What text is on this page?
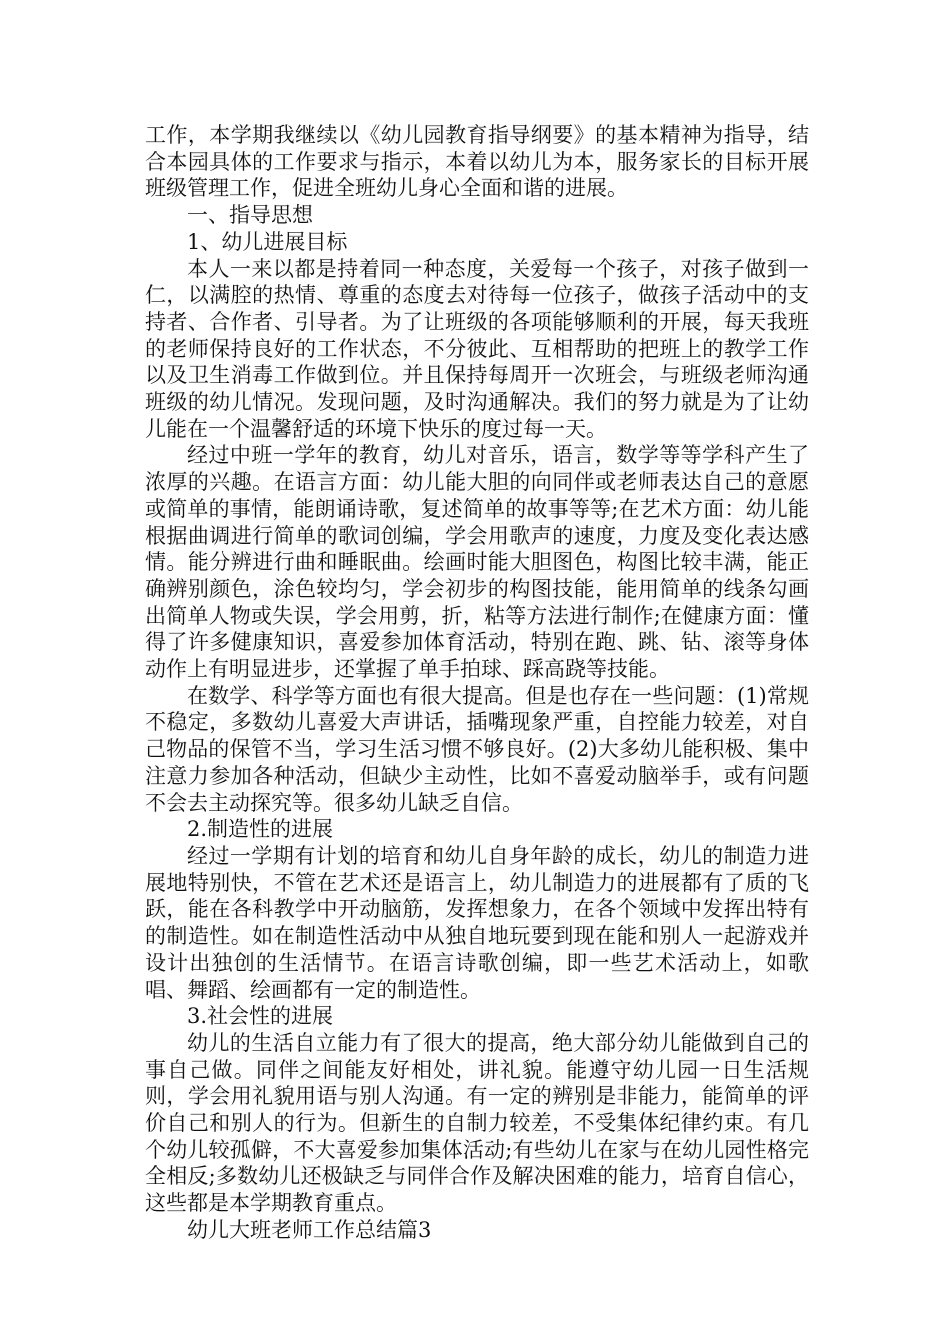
工作，本学期我继续以《幼儿园教育指导纲要》的基本精神为指导，结合本园具体的工作要求与指示，本着以幼儿为本，服务家长的目标开展班级管理工作，促进全班幼儿身心全面和谐的进展。

一、指导思想

1、幼儿进展目标

本人一来以都是持着同一种态度，关爱每一个孩子，对孩子做到一仁，以满腔的热情、尊重的态度去对待每一位孩子，做孩子活动中的支持者、合作者、引导者。为了让班级的各项能够顺利的开展，每天我班的老师保持良好的工作状态，不分彼此、互相帮助的把班上的教学工作以及卫生消毒工作做到位。并且保持每周开一次班会，与班级老师沟通班级的幼儿情况。发现问题，及时沟通解决。我们的努力就是为了让幼儿能在一个温馨舒适的环境下快乐的度过每一天。

经过中班一学年的教育，幼儿对音乐，语言，数学等等学科产生了浓厚的兴趣。在语言方面：幼儿能大胆的向同伴或老师表达自己的意愿或简单的事情，能朗诵诗歌，复述简单的故事等等;在艺术方面：幼儿能根据曲调进行简单的歌词创编，学会用歌声的速度，力度及变化表达感情。能分辨进行曲和睡眠曲。绘画时能大胆图色，构图比较丰满，能正确辨别颜色，涂色较均匀，学会初步的构图技能，能用简单的线条勾画出简单人物或失误，学会用剪，折，粘等方法进行制作;在健康方面：懂得了许多健康知识，喜爱参加体育活动，特别在跑、跳、钻、滚等身体动作上有明显进步，还掌握了单手拍球、踩高跷等技能。

在数学、科学等方面也有很大提高。但是也存在一些问题：(1)常规不稳定，多数幼儿喜爱大声讲话，插嘴现象严重，自控能力较差，对自己物品的保管不当，学习生活习惯不够良好。(2)大多幼儿能积极、集中注意力参加各种活动，但缺少主动性，比如不喜爱动脑举手，或有问题不会去主动探究等。很多幼儿缺乏自信。

2.制造性的进展

经过一学期有计划的培育和幼儿自身年龄的成长，幼儿的制造力进展地特别快，不管在艺术还是语言上，幼儿制造力的进展都有了质的飞跃，能在各科教学中开动脑筋，发挥想象力，在各个领域中发挥出特有的制造性。如在制造性活动中从独自地玩要到现在能和别人一起游戏并设计出独创的生活情节。在语言诗歌创编，即一些艺术活动上，如歌唱、舞蹈、绘画都有一定的制造性。

3.社会性的进展

幼儿的生活自立能力有了很大的提高，绝大部分幼儿能做到自己的事自己做。同伴之间能友好相处，讲礼貌。能遵守幼儿园一日生活规则，学会用礼貌用语与别人沟通。有一定的辨别是非能力，能简单的评价自己和别人的行为。但新生的自制力较差，不受集体纪律约束。有几个幼儿较孤僻，不大喜爱参加集体活动;有些幼儿在家与在幼儿园性格完全相反;多数幼儿还极缺乏与同伴合作及解决困难的能力，培育自信心，这些都是本学期教育重点。

幼儿大班老师工作总结篇3
